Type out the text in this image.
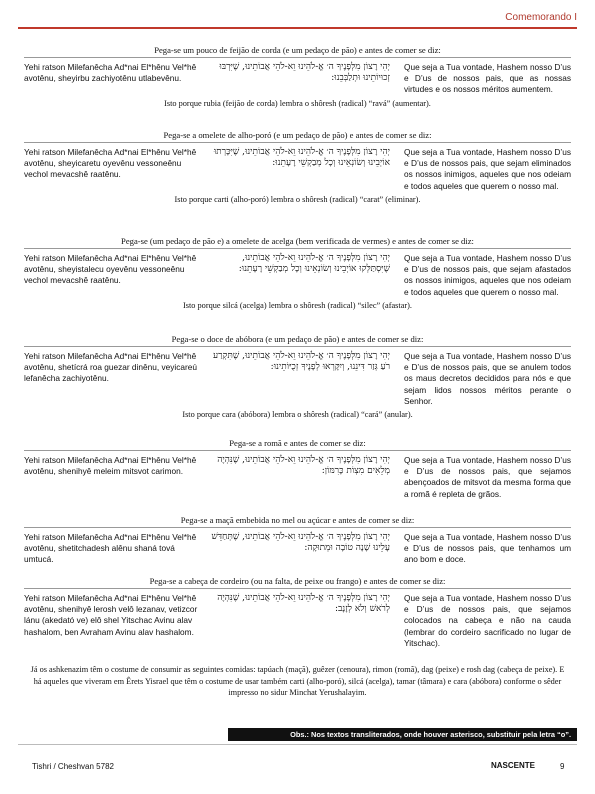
Comemorando I
Pega-se um pouco de feijão de corda (e um pedaço de pão) e antes de comer se diz:
Yehi ratson Milefanêcha Ad*nai El*hênu Vel*hê avotênu, sheyirbu zachiyotênu utlabevênu.
יְהִי רָצוֹן מִלְּפָנֶיךָ ה׳ אֱ-לֹהֵינוּ וֵא-לֹהֵי אֲבוֹתֵינוּ, שֶׁיִּרְבּוּ זְכוּיוֹתֵינוּ וּתְלַבְּבֵנוּ:
Que seja a Tua vontade, Hashem nosso D’us e D’us de nossos pais, que as nossas virtudes e os nossos méritos aumentem.
Isto porque rubia (feijão de corda) lembra o shôresh (radical) “ravá” (aumentar).
Pega-se a omelete de alho-poró (e um pedaço de pão) e antes de comer se diz:
Yehi ratson Milefanêcha Ad*nai El*hênu Vel*hê avotênu, sheyicaretu oyevênu vessoneênu vechol mevacshê raatênu.
יְהִי רָצוֹן מִלְּפָנֶיךָ ה׳ אֱ-לֹהֵינוּ וֵא-לֹהֵי אֲבוֹתֵינוּ, שֶׁיִּכָּרְתוּ אוֹיְבֵינוּ וְשׂוֹנְאֵינוּ וְכָל מְבַקְשֵׁי רָעָתֵנוּ:
Que seja a Tua vontade, Hashem nosso D’us e D’us de nossos pais, que sejam eliminados os nossos inimigos, aqueles que nos odeiam e todos aqueles que querem o nosso mal.
Isto porque carti (alho-poró) lembra o shôresh (radical) “carat” (eliminar).
Pega-se (um pedaço de pão e) a omelete de acelga (bem verificada de vermes) e antes de comer se diz:
Yehi ratson Milefanêcha Ad*nai El*hênu Vel*hê avotênu, sheyistalecu oyevênu vessoneênu vechol mevacshê raatênu.
יְהִי רָצוֹן מִלְּפָנֶיךָ ה׳ אֱ-לֹהֵינוּ וֵא-לֹהֵי אֲבוֹתֵינוּ, שֶׁיִּסְתַּלְּקוּ אוֹיְבֵינוּ וְשׂוֹנְאֵינוּ וְכָל מְבַקְשֵׁי רָעָתֵנוּ:
Que seja a Tua vontade, Hashem nosso D’us e D’us de nossos pais, que sejam afastados os nossos inimigos, aqueles que nos odeiam e todos aqueles que querem o nosso mal.
Isto porque silcá (acelga) lembra o shôresh (radical) “silec” (afastar).
Pega-se o doce de abóbora (e um pedaço de pão) e antes de comer se diz:
Yehi ratson Milefanêcha Ad*nai El*hênu Vel*hê avotênu, shetícrá roa guezar dinênu, veyicareú lefanêcha zachiyotênu.
יְהִי רָצוֹן מִלְּפָנֶיךָ ה׳ אֱ-לֹהֵינוּ וֵא-לֹהֵי אֲבוֹתֵינוּ, שֶׁתִּקְרַע רֹעַ גְּזַר דִּינֵנוּ, וְיִקָּרְאוּ לְפָנֶיךָ זְכֻיּוֹתֵינוּ:
Que seja a Tua vontade, Hashem nosso D’us e D’us de nossos pais, que se anulem todos os maus decretos decididos para nós e que sejam lidos nossos méritos perante o Senhor.
Isto porque cara (abóbora) lembra o shôresh (radical) “cará” (anular).
Pega-se a romã e antes de comer se diz:
Yehi ratson Milefanêcha Ad*nai El*hênu Vel*hê avotênu, shenihyê meleim mitsvot carimon.
יְהִי רָצוֹן מִלְּפָנֶיךָ ה׳ אֱ-לֹהֵינוּ וֵא-לֹהֵי אֲבוֹתֵינוּ, שֶׁנִּהְיֶה מְלֵאִים מִצְוֹת כָּרִמּוֹן:
Que seja a Tua vontade, Hashem nosso D’us e D’us de nossos pais, que sejamos abençoados de mitsvot da mesma forma que a romã é repleta de grãos.
Pega-se a maçã embebida no mel ou açúcar e antes de comer se diz:
Yehi ratson Milefanêcha Ad*nai El*hênu Vel*hê avotênu, shetitchadesh alênu shaná tová umtucá.
יְהִי רָצוֹן מִלְּפָנֶיךָ ה׳ אֱ-לֹהֵינוּ וֵא-לֹהֵי אֲבוֹתֵינוּ, שֶׁתְּחַדֵּשׁ עָלֵינוּ שָׁנָה טוֹבָה וּמְתוּקָה:
Que seja a Tua vontade, Hashem nosso D’us e D’us de nossos pais, que tenhamos um ano bom e doce.
Pega-se a cabeça de cordeiro (ou na falta, de peixe ou frango) e antes de comer se diz:
Yehi ratson Milefanêcha Ad*nai El*hênu Vel*hê avotênu, shenihyê lerosh velô lezanav, vetizcor lánu (akedató ve) elô shel Yitschac Avinu alav hashalom, ben Avraham Avinu alav hashalom.
יְהִי רָצוֹן מִלְּפָנֶיךָ ה׳ אֱ-לֹהֵינוּ וֵא-לֹהֵי אֲבוֹתֵינוּ, שֶׁנִּהְיֶה לְרֹאשׁ וְלֹא לְזָנָב:
Que seja a Tua vontade, Hashem nosso D’us e D’us de nossos pais, que sejamos colocados na cabeça e não na cauda (lembrar do cordeiro sacrificado no lugar de Yitschac).
Já os ashkenazim têm o costume de consumir as seguintes comidas: tapúach (maçã), guêzer (cenoura), rimon (romã), dag (peixe) e rosh dag (cabeça de peixe). E há aqueles que viveram em Êrets Yisrael que têm o costume de usar também carti (alho-poró), silcá (acelga), tamar (tâmara) e cara (abóbora) conforme o sêder impresso no sidur Minchat Yerushalayim.
Obs.: Nos textos transliterados, onde houver asterisco, substituir pela letra “o”.
Tishri / Cheshvan 5782	NASCENTE	9
